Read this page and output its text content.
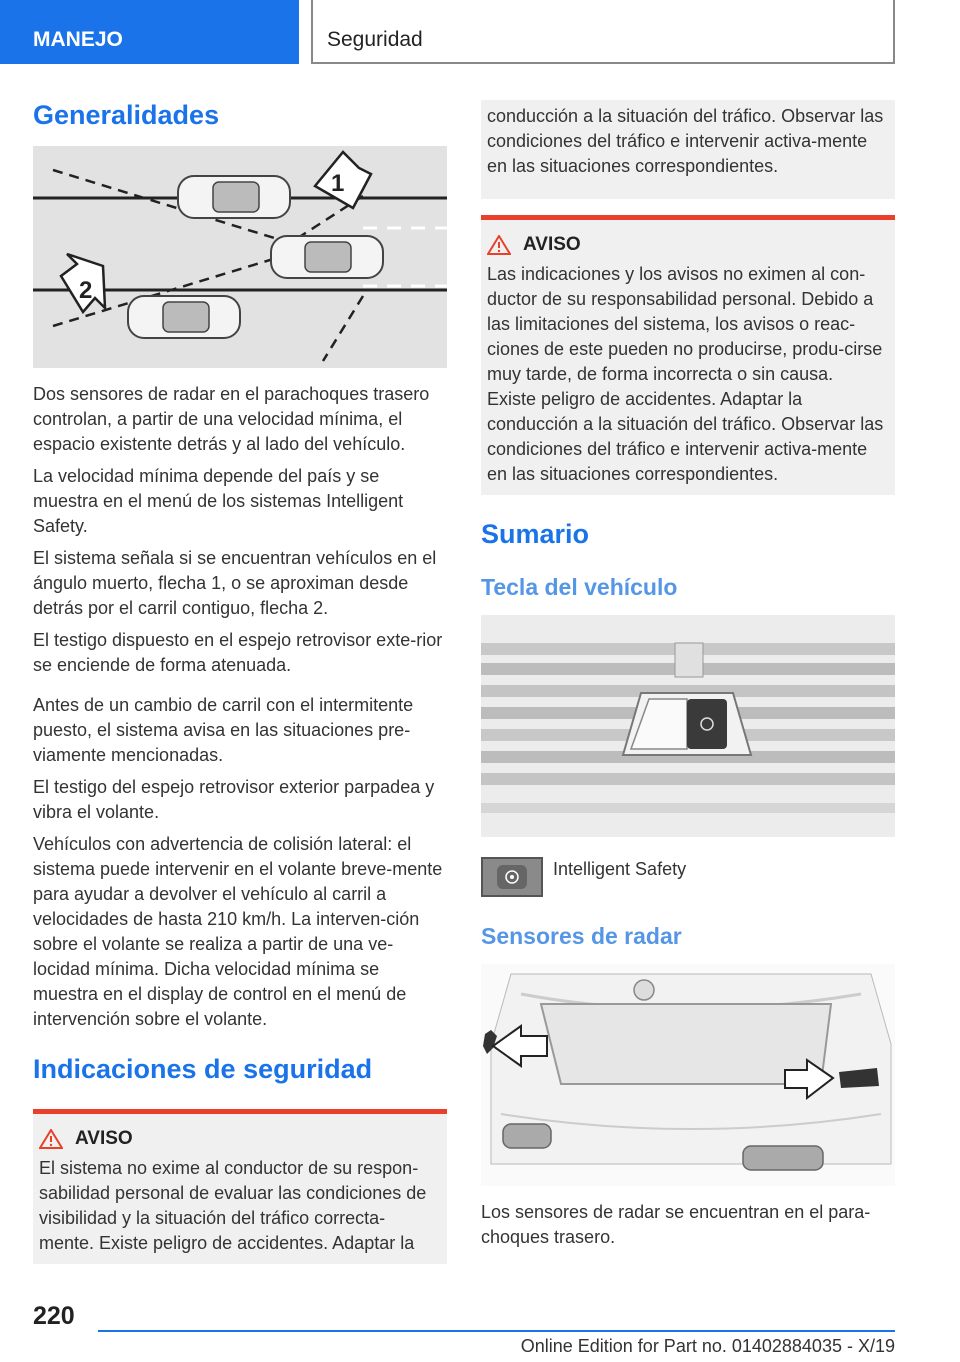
MANEJO	Seguridad
Generalidades
1
2

Dos sensores de radar en el parachoques trasero controlan, a partir de una velocidad mínima, el espacio existente detrás y al lado del vehículo.

La velocidad mínima depende del país y se muestra en el menú de los sistemas Intelligent Safety.

El sistema señala si se encuentran vehículos en el ángulo muerto, flecha 1, o se aproximan desde detrás por el carril contiguo, flecha 2.

El testigo dispuesto en el espejo retrovisor exte-rior se enciende de forma atenuada.

Antes de un cambio de carril con el intermitente puesto, el sistema avisa en las situaciones pre-viamente mencionadas.

El testigo del espejo retrovisor exterior parpadea y vibra el volante.

Vehículos con advertencia de colisión lateral: el sistema puede intervenir en el volante breve-mente para ayudar a devolver el vehículo al carril a velocidades de hasta 210 km/h. La interven-ción sobre el volante se realiza a partir de una ve-locidad mínima. Dicha velocidad mínima se muestra en el display de control en el menú de intervención sobre el volante.

Indicaciones de seguridad
AVISO

El sistema no exime al conductor de su respon-sabilidad personal de evaluar las condiciones de visibilidad y la situación del tráfico correcta-mente. Existe peligro de accidentes. Adaptar la

conducción a la situación del tráfico. Observar las condiciones del tráfico e intervenir activa-mente en las situaciones correspondientes.

AVISO

Las indicaciones y los avisos no eximen al con-ductor de su responsabilidad personal. Debido a las limitaciones del sistema, los avisos o reac-ciones de este pueden no producirse, produ-cirse muy tarde, de forma incorrecta o sin causa. Existe peligro de accidentes. Adaptar la conducción a la situación del tráfico. Observar las condiciones del tráfico e intervenir activa-mente en las situaciones correspondientes.

Sumario
Tecla del vehículo
Intelligent Safety
Sensores de radar

Los sensores de radar se encuentran en el para-choques trasero.

220
Online Edition for Part no. 01402884035 - X/19
